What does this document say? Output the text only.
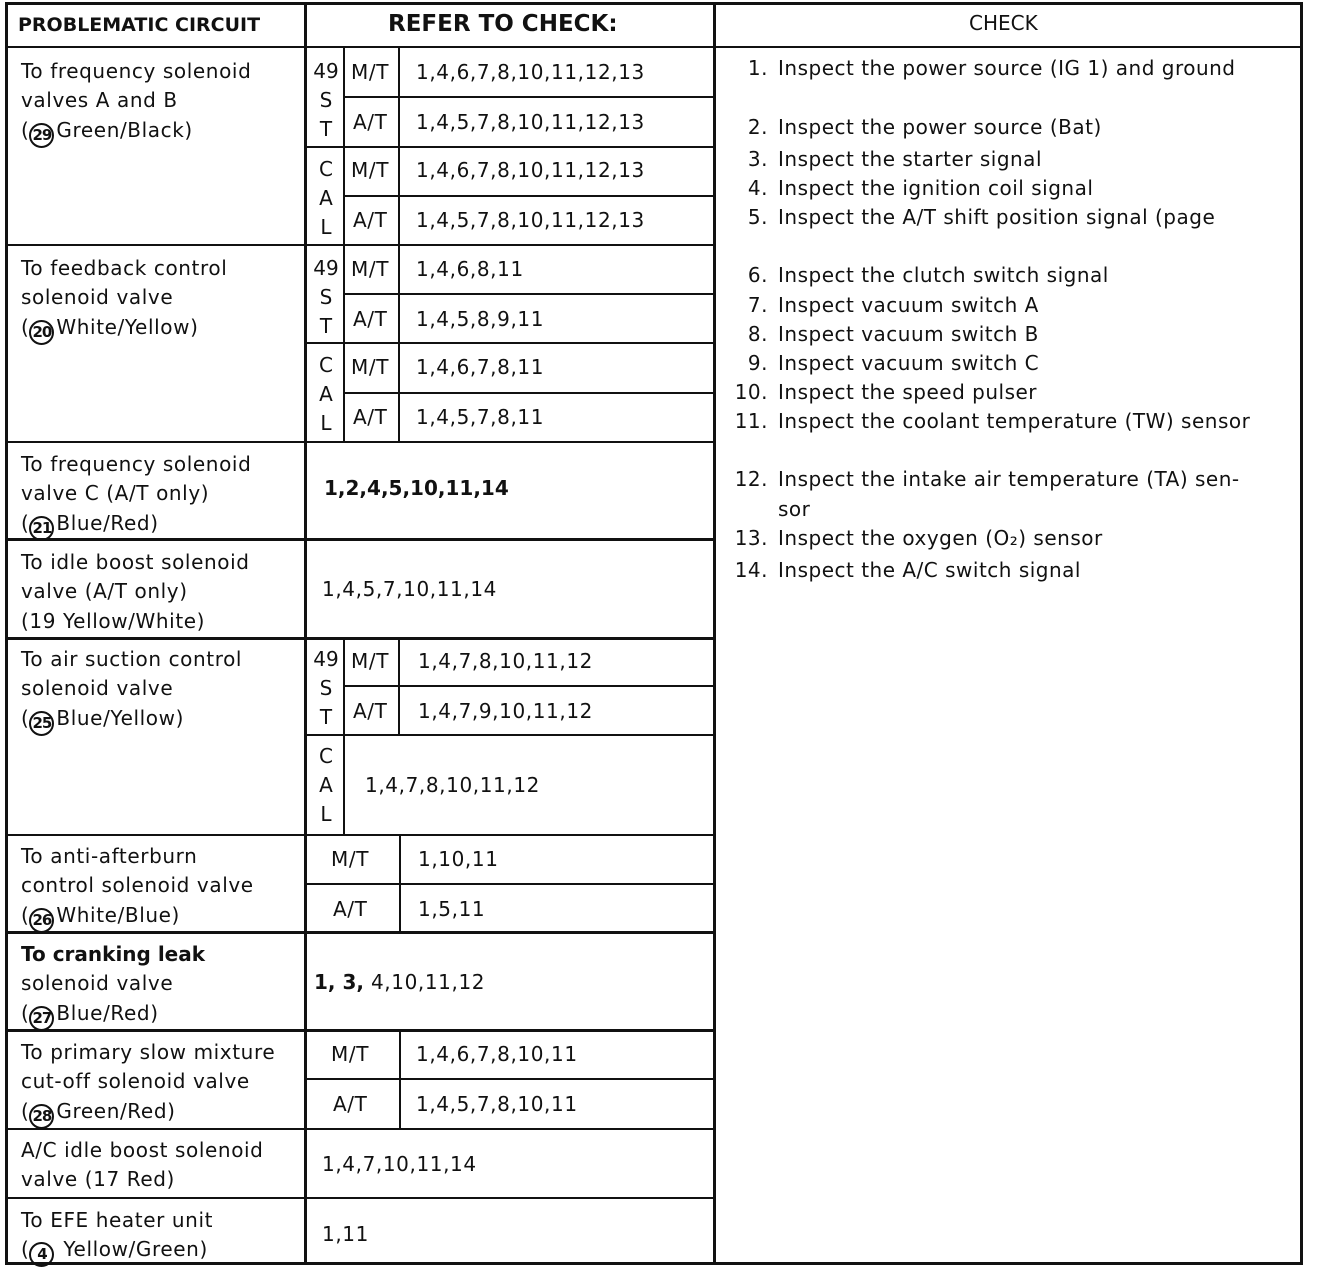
PROBLEMATIC CIRCUIT	REFER TO CHECK:	CHECK
To frequency solenoid
valves A and B
( 29 Green/Black)
49
S
T
C
A
L
M/T
A/T
M/T
A/T
1,4,6,7,8,10,11,12,13
1,4,5,7,8,10,11,12,13
1,4,6,7,8,10,11,12,13
1,4,5,7,8,10,11,12,13
To feedback control
solenoid valve
( 20 White/Yellow)
49
S
T
C
A
L
M/T
A/T
M/T
A/T
1,4,6,8,11
1,4,5,8,9,11
1,4,6,7,8,11
1,4,5,7,8,11
To frequency solenoid
valve C (A/T only)
( 21 Blue/Red)
1,2,4,5,10,11,14
To idle boost solenoid
valve (A/T only)
(19 Yellow/White)
1,4,5,7,10,11,14
To air suction control
solenoid valve
( 25 Blue/Yellow)
49
S
T
C
A
L
M/T
A/T
1,4,7,8,10,11,12
1,4,7,9,10,11,12
1,4,7,8,10,11,12
To anti-afterburn
control solenoid valve
( 26 White/Blue)
M/T
A/T
1,10,11
1,5,11
To cranking leak
solenoid valve
( 27 Blue/Red)
1, 3, 4,10,11,12
To primary slow mixture
cut-off solenoid valve
( 28 Green/Red)
M/T
A/T
1,4,6,7,8,10,11
1,4,5,7,8,10,11
A/C idle boost solenoid
valve (17 Red)
1,4,7,10,11,14
To EFE heater unit
( 4 Yellow/Green)
1,11
1. Inspect the power source (IG 1) and ground
2. Inspect the power source (Bat)
3. Inspect the starter signal
4. Inspect the ignition coil signal
5. Inspect the A/T shift position signal (page
6. Inspect the clutch switch signal
7. Inspect vacuum switch A
8. Inspect vacuum switch B
9. Inspect vacuum switch C
10. Inspect the speed pulser
11. Inspect the coolant temperature (TW) sensor
12. Inspect the intake air temperature (TA) sen-
sor
13. Inspect the oxygen (O₂) sensor
14. Inspect the A/C switch signal
